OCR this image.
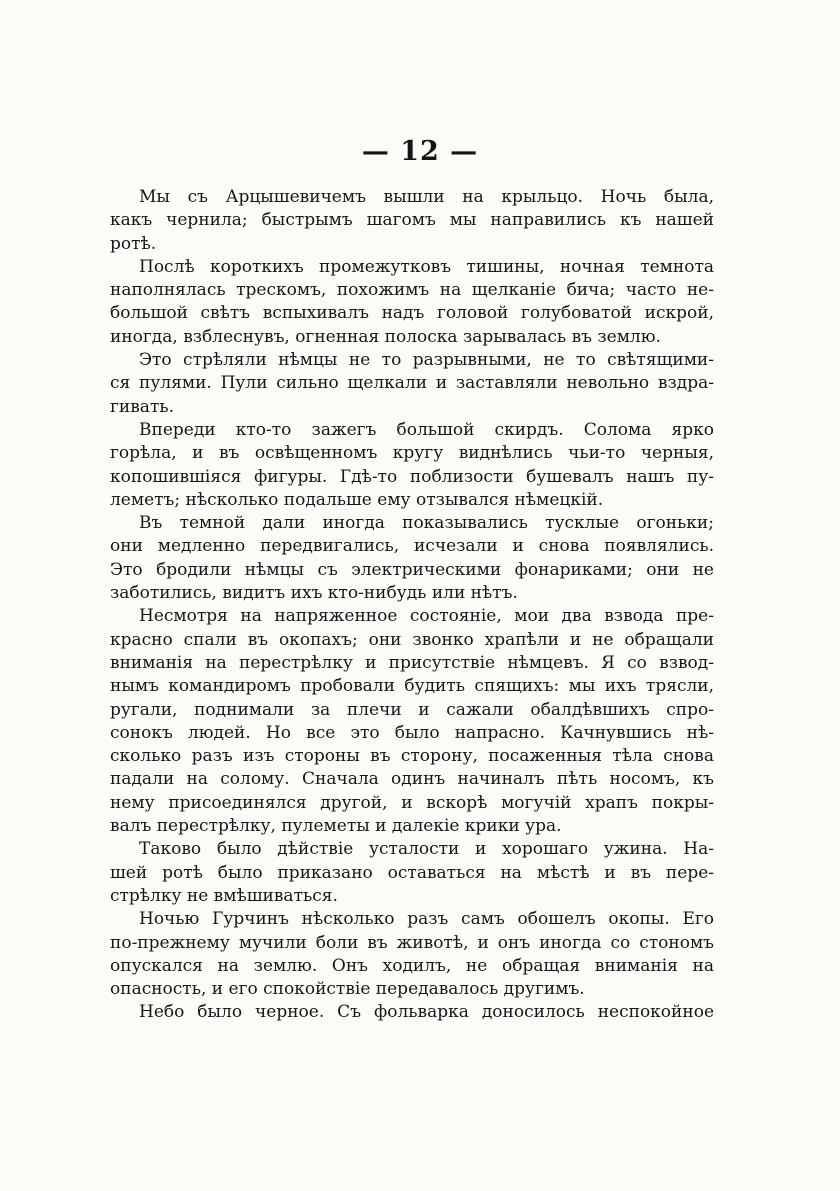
— 12 —
Мы съ Арцышевичемъ вышли на крыльцо. Ночь была,
какъ чернила; быстрымъ шагомъ мы направились къ нашей
ротѣ.
Послѣ короткихъ промежутковъ тишины, ночная темнота
наполнялась трескомъ, похожимъ на щелканіе бича; часто не-
большой свѣтъ вспыхивалъ надъ головой голубоватой искрой,
иногда, взблеснувъ, огненная полоска зарывалась въ землю.
Это стрѣляли нѣмцы не то разрывными, не то свѣтящими-
ся пулями. Пули сильно щелкали и заставляли невольно вздра-
гивать.
Впереди кто-то зажегъ большой скирдъ. Солома ярко
горѣла, и въ освѣщенномъ кругу виднѣлись чьи-то черныя,
копошившіяся фигуры. Гдѣ-то поблизости бушевалъ нашъ пу-
леметъ; нѣсколько подальше ему отзывался нѣмецкій.
Въ темной дали иногда показывались тусклые огоньки;
они медленно передвигались, исчезали и снова появлялись.
Это бродили нѣмцы съ электрическими фонариками; они не
заботились, видитъ ихъ кто-нибудь или нѣтъ.
Несмотря на напряженное состояніе, мои два взвода пре-
красно спали въ окопахъ; они звонко храпѣли и не обращали
вниманія на перестрѣлку и присутствіе нѣмцевъ. Я со взвод-
нымъ командиромъ пробовали будить спящихъ: мы ихъ трясли,
ругали, поднимали за плечи и сажали обалдѣвшихъ спро-
сонокъ людей. Но все это было напрасно. Качнувшись нѣ-
сколько разъ изъ стороны въ сторону, посаженныя тѣла снова
падали на солому. Сначала одинъ начиналъ пѣть носомъ, къ
нему присоединялся другой, и вскорѣ могучій храпъ покры-
валъ перестрѣлку, пулеметы и далекіе крики ура.
Таково было дѣйствіе усталости и хорошаго ужина. На-
шей ротѣ было приказано оставаться на мѣстѣ и въ пере-
стрѣлку не вмѣшиваться.
Ночью Гурчинъ нѣсколько разъ самъ обошелъ окопы. Его
по-прежнему мучили боли въ животѣ, и онъ иногда со стономъ
опускался на землю. Онъ ходилъ, не обращая вниманія на
опасность, и его спокойствіе передавалось другимъ.
Небо было черное. Съ фольварка доносилось неспокойное
